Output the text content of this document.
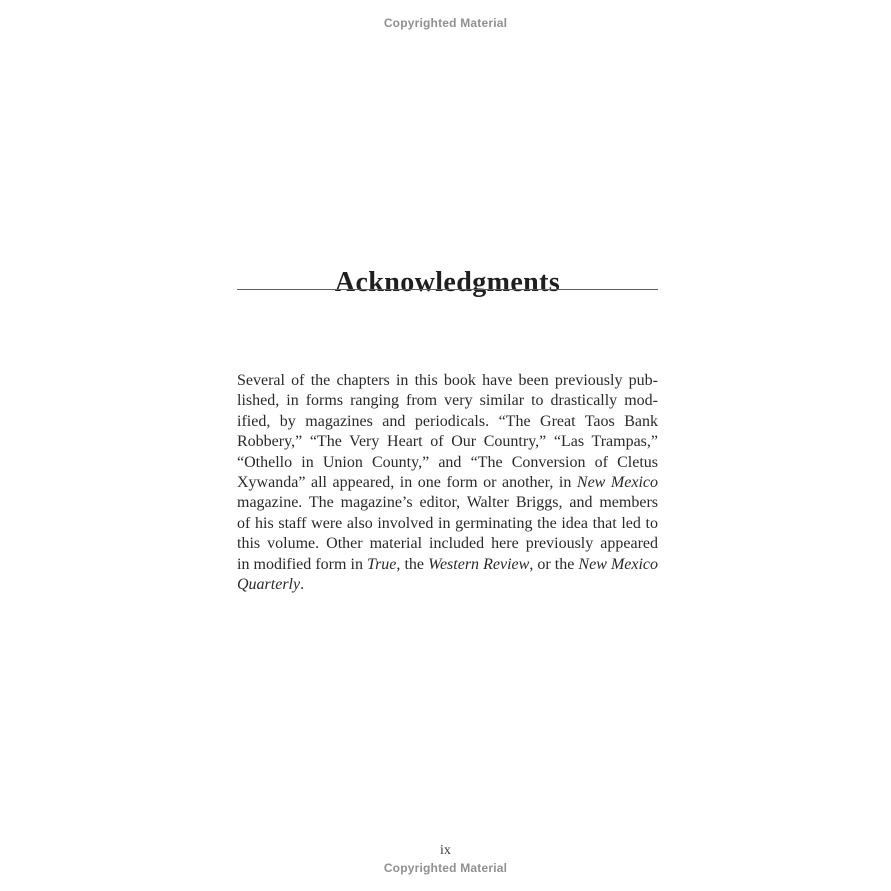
Copyrighted Material
Acknowledgments
Several of the chapters in this book have been previously pub-
lished, in forms ranging from very similar to drastically mod-
ified, by magazines and periodicals. “The Great Taos Bank
Robbery,” “The Very Heart of Our Country,” “Las Trampas,”
“Othello in Union County,” and “The Conversion of Cletus
Xywanda” all appeared, in one form or another, in New Mexico
magazine. The magazine’s editor, Walter Briggs, and members
of his staff were also involved in germinating the idea that led to
this volume. Other material included here previously appeared
in modified form in True, the Western Review, or the New Mexico
Quarterly.
ix
Copyrighted Material
